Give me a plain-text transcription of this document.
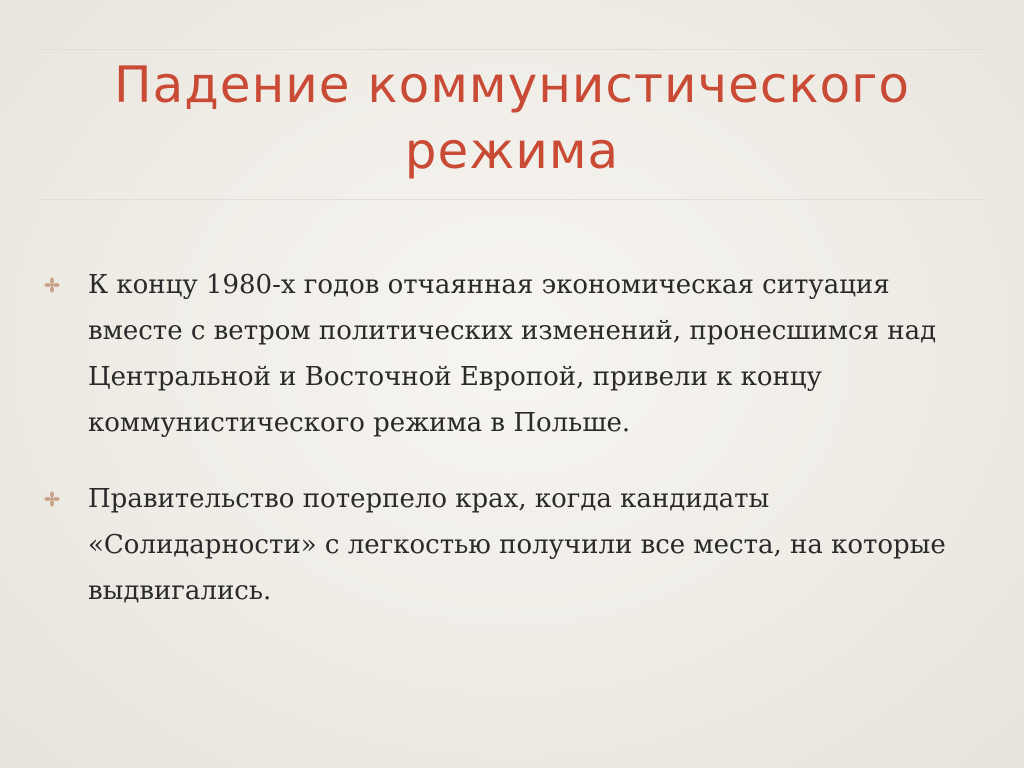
Падение коммунистического режима

К концу 1980-х годов отчаянная экономическая ситуация вместе с ветром политических изменений, пронесшимся над Центральной и Восточной Европой, привели к концу коммунистического режима в Польше.

Правительство потерпело крах, когда кандидаты «Солидарности» с легкостью получили все места, на которые выдвигались.
